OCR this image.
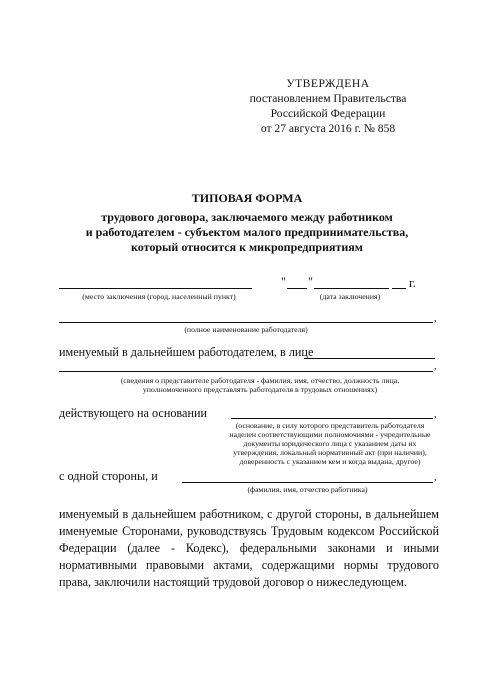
УТВЕРЖДЕНА
постановлением Правительства
Российской Федерации
от 27 августа 2016 г. № 858
ТИПОВАЯ ФОРМА
трудового договора, заключаемого между работником
и работодателем - субъектом малого предпринимательства,
который относится к микропредприятиям
" "	г.
(место заключения (город, населенный пункт)	(дата заключения)
,
(полное наименование работодателя)
именуемый в дальнейшем работодателем, в лице
,
(сведения о представителе работодателя - фамилия, имя, отчество, должность лица,
уполномоченного представлять работодателя в трудовых отношениях)
действующего на основании	,
(основание, в силу которого представитель работодателя
наделен соответствующими полномочиями - учредительные
документы юридического лица с указанием даты их
утверждения, локальный нормативный акт (при наличии),
доверенность с указанием кем и когда выдана, другое)
с одной стороны, и	,
(фамилия, имя, отчество работника)
именуемый в дальнейшем работником, с другой стороны, в дальнейшем именуемые Сторонами, руководствуясь Трудовым кодексом Российской Федерации (далее - Кодекс), федеральными законами и иными нормативными правовыми актами, содержащими нормы трудового права, заключили настоящий трудовой договор о нижеследующем.
